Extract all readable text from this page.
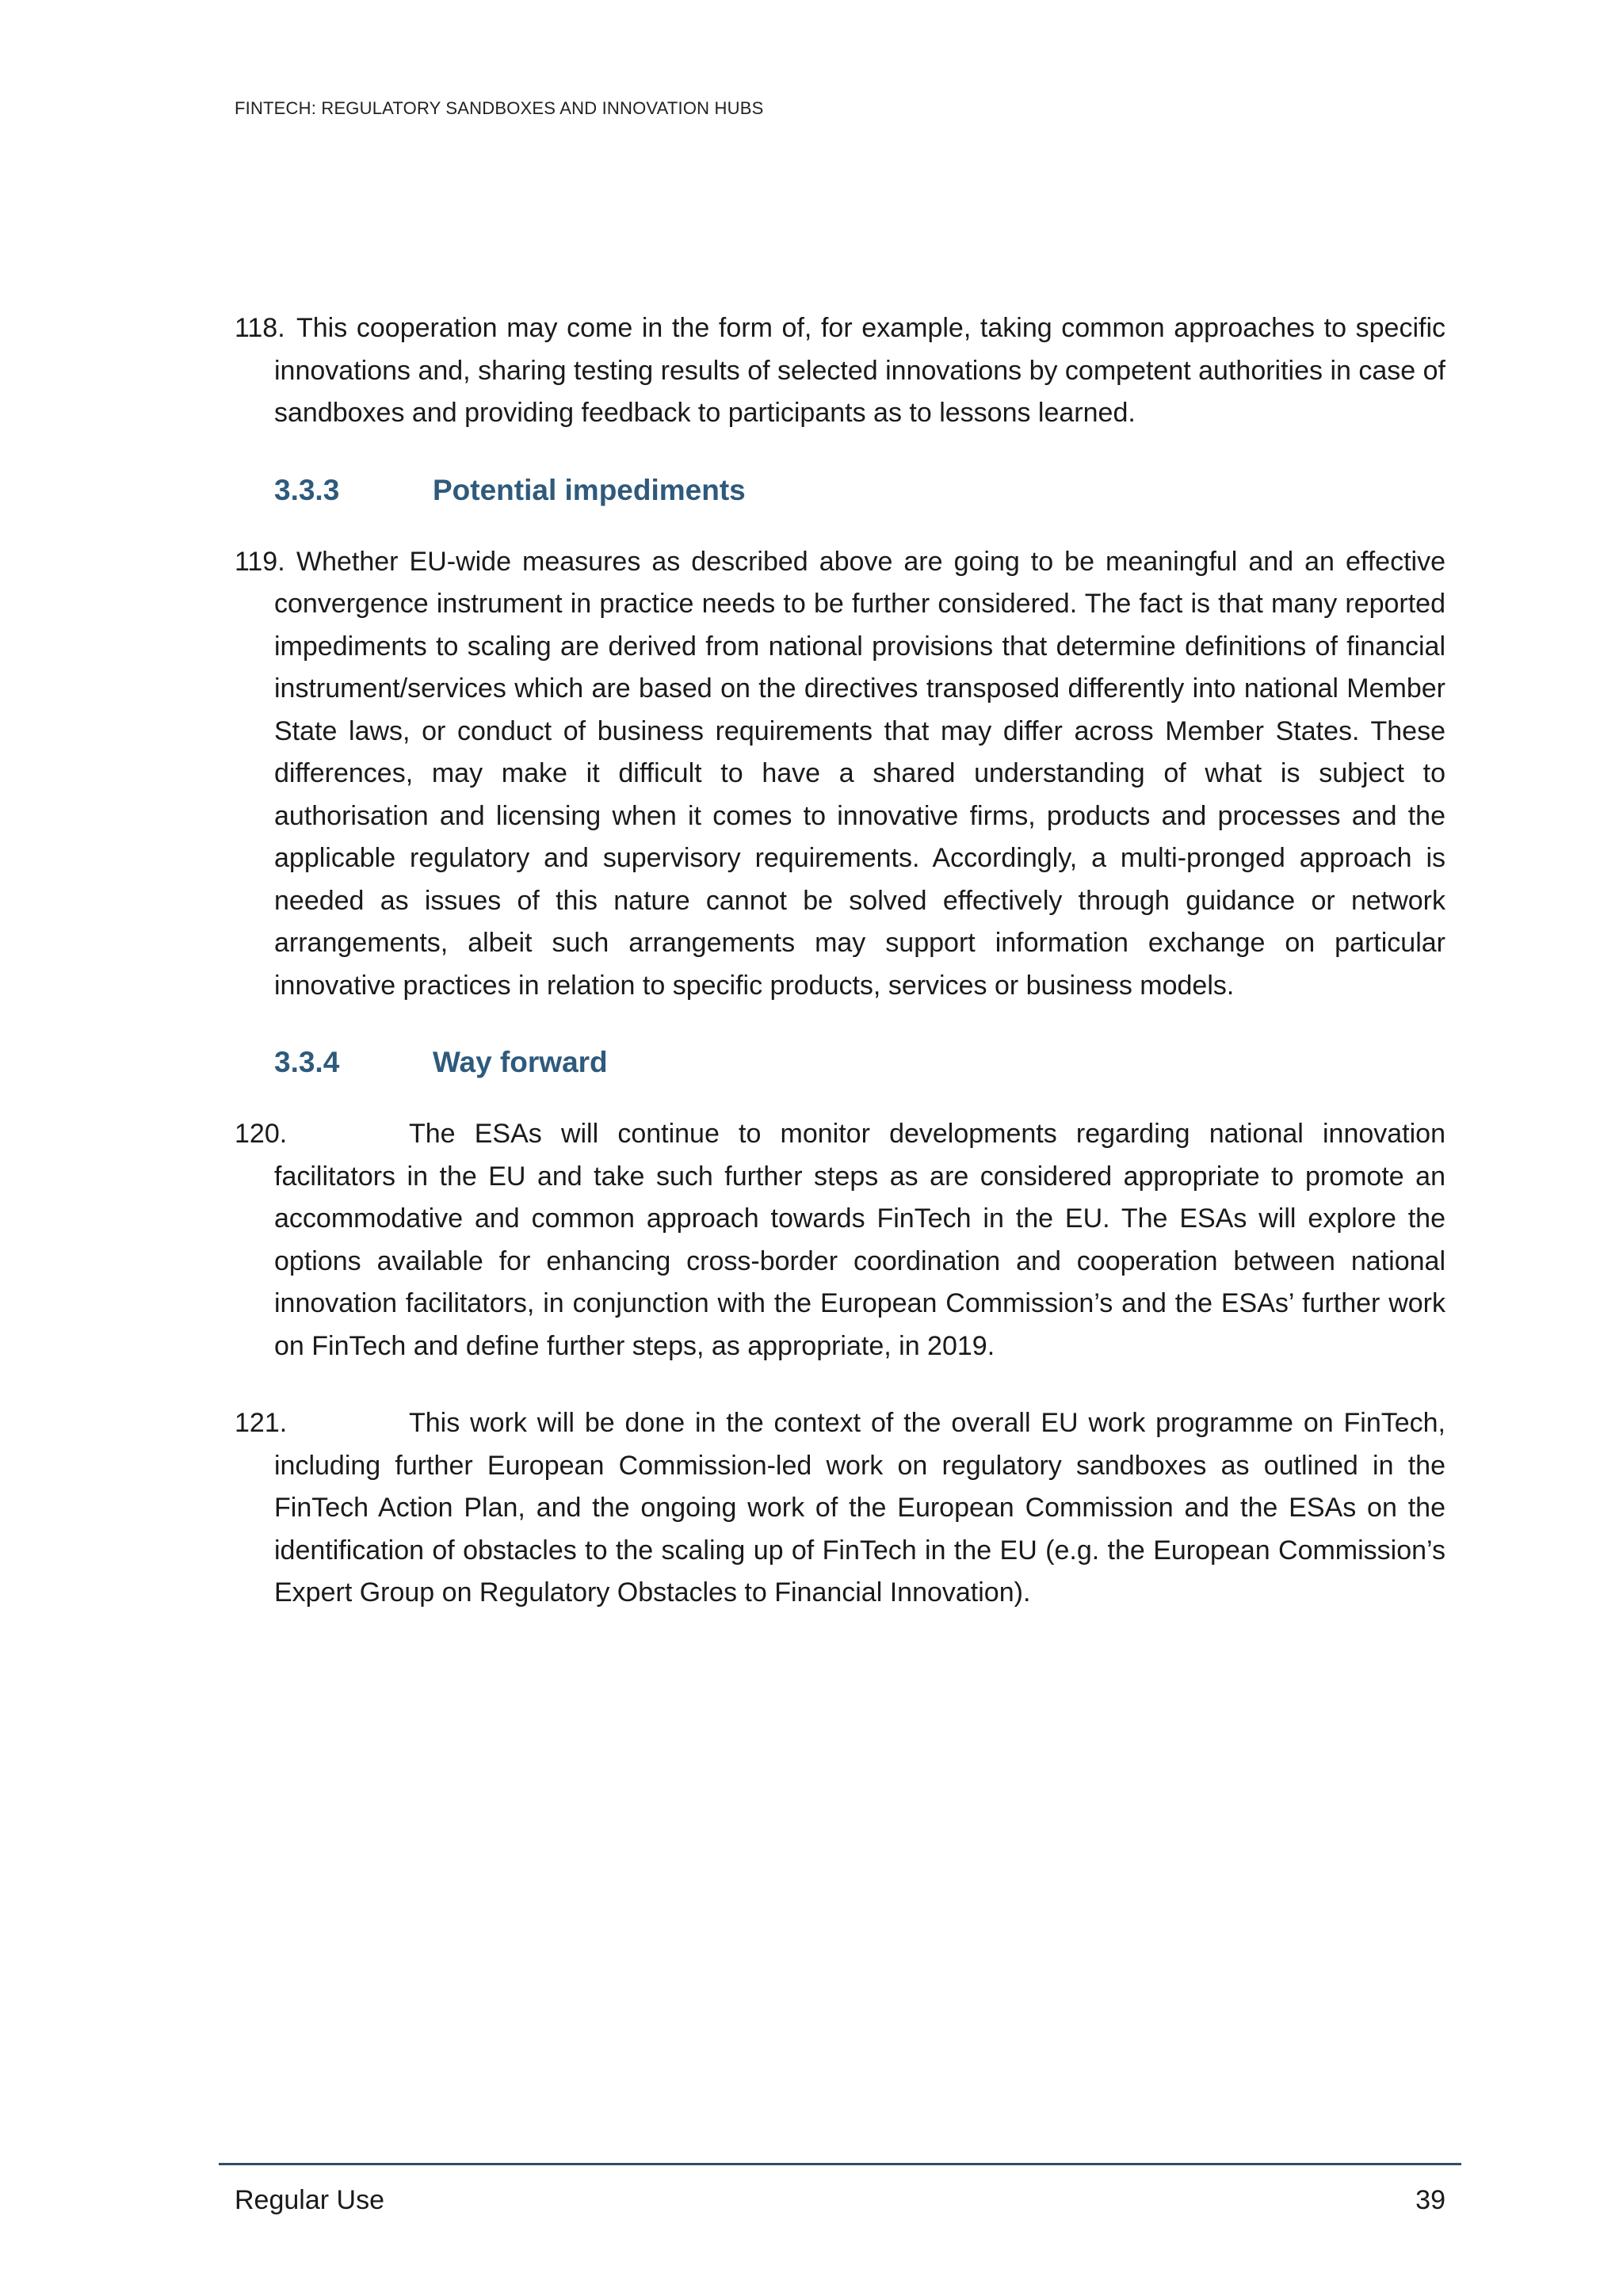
FINTECH: REGULATORY SANDBOXES AND INNOVATION HUBS

118. This cooperation may come in the form of, for example, taking common approaches to specific innovations and, sharing testing results of selected innovations by competent authorities in case of sandboxes and providing feedback to participants as to lessons learned.

3.3.3	Potential impediments

119. Whether EU-wide measures as described above are going to be meaningful and an effective convergence instrument in practice needs to be further considered. The fact is that many reported impediments to scaling are derived from national provisions that determine definitions of financial instrument/services which are based on the directives transposed differently into national Member State laws, or conduct of business requirements that may differ across Member States. These differences, may make it difficult to have a shared understanding of what is subject to authorisation and licensing when it comes to innovative firms, products and processes and the applicable regulatory and supervisory requirements. Accordingly, a multi-pronged approach is needed as issues of this nature cannot be solved effectively through guidance or network arrangements, albeit such arrangements may support information exchange on particular innovative practices in relation to specific products, services or business models.

3.3.4	Way forward

120.	The ESAs will continue to monitor developments regarding national innovation facilitators in the EU and take such further steps as are considered appropriate to promote an accommodative and common approach towards FinTech in the EU. The ESAs will explore the options available for enhancing cross-border coordination and cooperation between national innovation facilitators, in conjunction with the European Commission’s and the ESAs’ further work on FinTech and define further steps, as appropriate, in 2019.

121.	This work will be done in the context of the overall EU work programme on FinTech, including further European Commission-led work on regulatory sandboxes as outlined in the FinTech Action Plan, and the ongoing work of the European Commission and the ESAs on the identification of obstacles to the scaling up of FinTech in the EU (e.g. the European Commission’s Expert Group on Regulatory Obstacles to Financial Innovation).

Regular Use	39
